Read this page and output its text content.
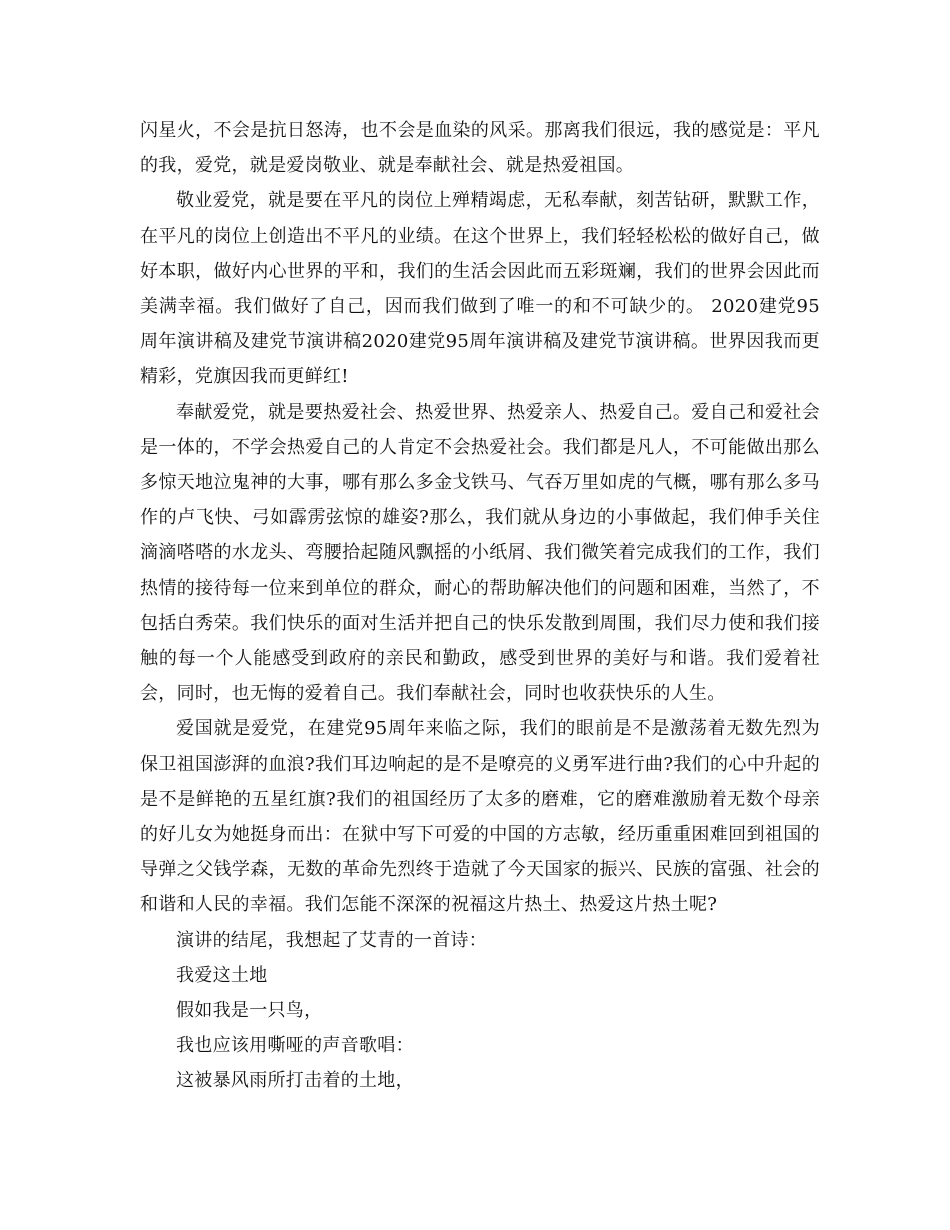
闪星火，不会是抗日怒涛，也不会是血染的风采。那离我们很远，我的感觉是：平凡的我，爱党，就是爱岗敬业、就是奉献社会、就是热爱祖国。

敬业爱党，就是要在平凡的岗位上殚精竭虑，无私奉献，刻苦钻研，默默工作，在平凡的岗位上创造出不平凡的业绩。在这个世界上，我们轻轻松松的做好自己，做好本职，做好内心世界的平和，我们的生活会因此而五彩斑斓，我们的世界会因此而美满幸福。我们做好了自己，因而我们做到了唯一的和不可缺少的。 2020建党95周年演讲稿及建党节演讲稿2020建党95周年演讲稿及建党节演讲稿。世界因我而更精彩，党旗因我而更鲜红!

奉献爱党，就是要热爱社会、热爱世界、热爱亲人、热爱自己。爱自己和爱社会是一体的，不学会热爱自己的人肯定不会热爱社会。我们都是凡人，不可能做出那么多惊天地泣鬼神的大事，哪有那么多金戈铁马、气吞万里如虎的气概，哪有那么多马作的卢飞快、弓如霹雳弦惊的雄姿?那么，我们就从身边的小事做起，我们伸手关住滴滴嗒嗒的水龙头、弯腰拾起随风飘摇的小纸屑、我们微笑着完成我们的工作，我们热情的接待每一位来到单位的群众，耐心的帮助解决他们的问题和困难，当然了，不包括白秀荣。我们快乐的面对生活并把自己的快乐发散到周围，我们尽力使和我们接触的每一个人能感受到政府的亲民和勤政，感受到世界的美好与和谐。我们爱着社会，同时，也无悔的爱着自己。我们奉献社会，同时也收获快乐的人生。

爱国就是爱党，在建党95周年来临之际，我们的眼前是不是激荡着无数先烈为保卫祖国澎湃的血浪?我们耳边响起的是不是嘹亮的义勇军进行曲?我们的心中升起的是不是鲜艳的五星红旗?我们的祖国经历了太多的磨难，它的磨难激励着无数个母亲的好儿女为她挺身而出：在狱中写下可爱的中国的方志敏，经历重重困难回到祖国的导弹之父钱学森，无数的革命先烈终于造就了今天国家的振兴、民族的富强、社会的和谐和人民的幸福。我们怎能不深深的祝福这片热土、热爱这片热土呢?

演讲的结尾，我想起了艾青的一首诗：

我爱这土地

假如我是一只鸟，

我也应该用嘶哑的声音歌唱：

这被暴风雨所打击着的土地，
